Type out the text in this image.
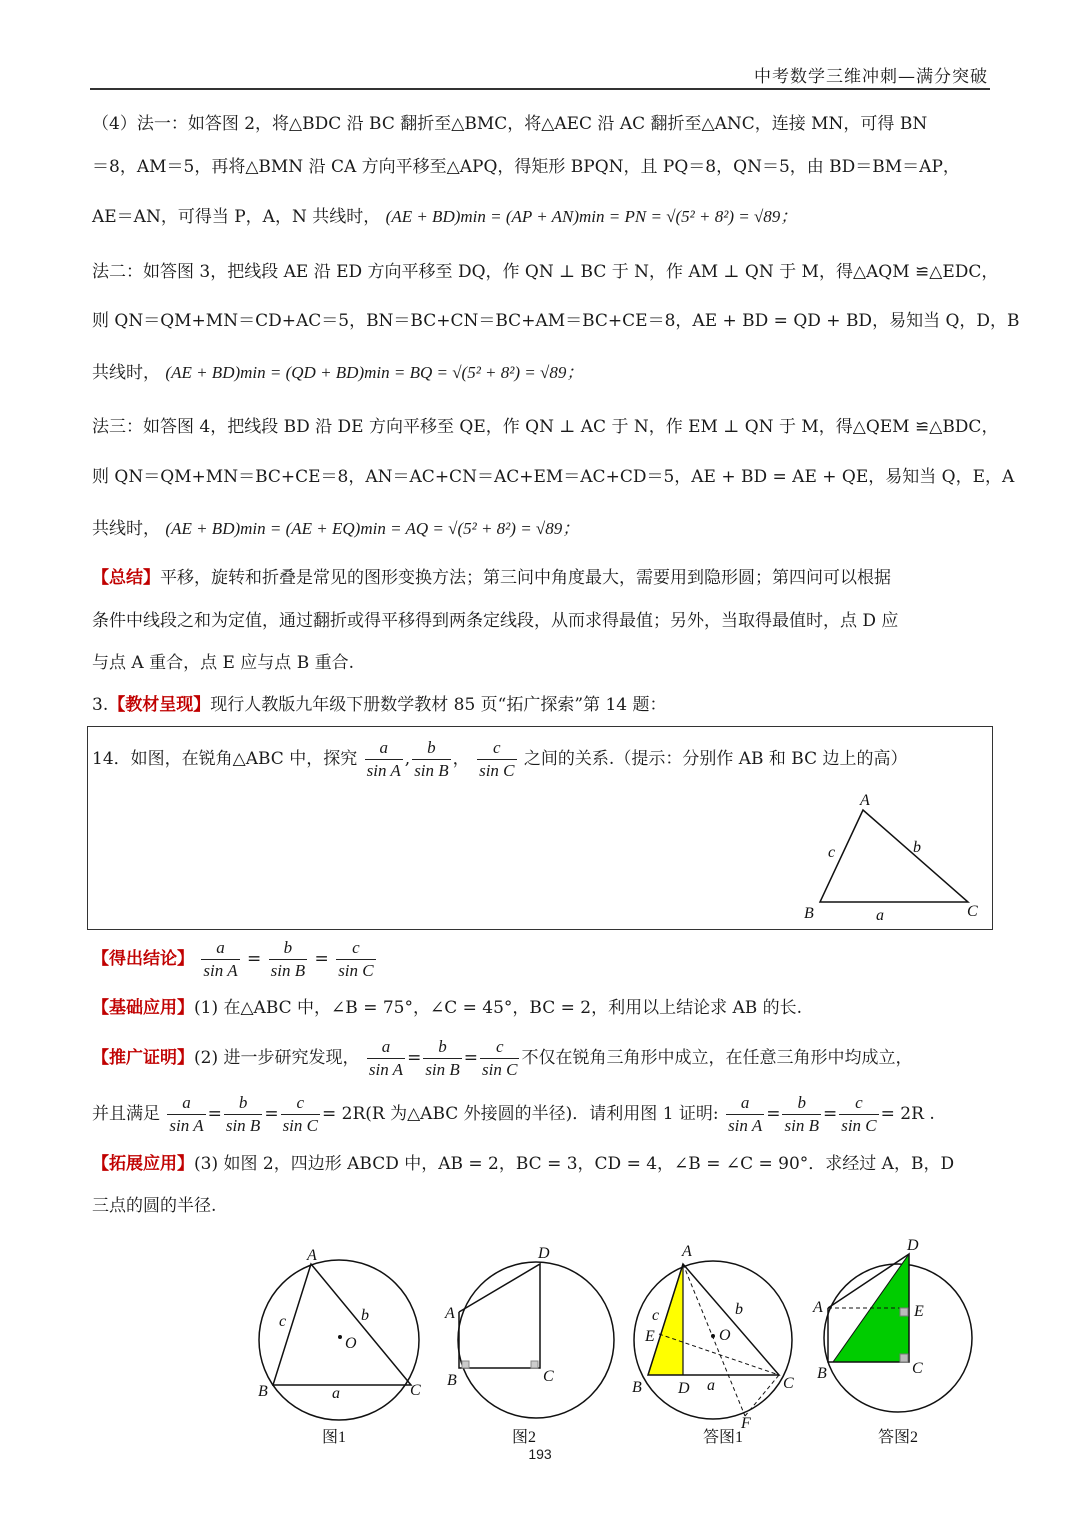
中考数学三维冲刺—满分突破
（4）法一：如答图 2，将△BDC 沿 BC 翻折至△BMC，将△AEC 沿 AC 翻折至△ANC，连接 MN，可得 BN
＝8，AM＝5，再将△BMN 沿 CA 方向平移至△APQ，得矩形 BPQN，且 PQ＝8，QN＝5，由 BD＝BM＝AP，
AE＝AN，可得当 P，A，N 共线时， (AE + BD)min = (AP + AN)min = PN = √(5² + 8²) = √89；
法二：如答图 3，把线段 AE 沿 ED 方向平移至 DQ，作 QN ⊥ BC 于 N，作 AM ⊥ QN 于 M，得△AQM ≌△EDC，
则 QN＝QM+MN＝CD+AC＝5，BN＝BC+CN＝BC+AM＝BC+CE＝8，AE + BD = QD + BD，易知当 Q，D，B
共线时， (AE + BD)min = (QD + BD)min = BQ = √(5² + 8²) = √89；
法三：如答图 4，把线段 BD 沿 DE 方向平移至 QE，作 QN ⊥ AC 于 N，作 EM ⊥ QN 于 M，得△QEM ≌△BDC，
则 QN＝QM+MN＝BC+CE＝8，AN＝AC+CN＝AC+EM＝AC+CD＝5，AE + BD = AE + QE，易知当 Q，E，A
共线时， (AE + BD)min = (AE + EQ)min = AQ = √(5² + 8²) = √89；
【总结】平移，旋转和折叠是常见的图形变换方法；第三问中角度最大，需要用到隐形圆；第四问可以根据
条件中线段之和为定值，通过翻折或得平移得到两条定线段，从而求得最值；另外，当取得最值时，点 D 应
与点 A 重合，点 E 应与点 B 重合.
3.【教材呈现】现行人教版九年级下册数学教材 85 页“拓广探索”第 14 题：
14．如图，在锐角△ABC 中，探究 $\frac{a}{\text{sin A}}$ , $\frac{b}{\text{sin B}}$ ， $\frac{c}{\text{sin C}}$ 之间的关系.（提示：分别作 AB 和 BC 边上的高）
A
B	C
a
b
c
【得出结论】 $\frac{a}{\text{sin A}} = \frac{b}{\text{sin B}} = \frac{c}{\text{sin C}}$
【基础应用】(1) 在△ABC 中，∠B = 75°，∠C = 45°，BC = 2，利用以上结论求 AB 的长.
【推广证明】(2) 进一步研究发现， $\frac{a}{\text{sin A}} = \frac{b}{\text{sin B}} = \frac{c}{\text{sin C}}$ 不仅在锐角三角形中成立，在任意三角形中均成立，
并且满足 $\frac{a}{\text{sin A}} = \frac{b}{\text{sin B}} = \frac{c}{\text{sin C}} = 2R(R$ 为△ABC 外接圆的半径)．请利用图 1 证明: $\frac{a}{\text{sin A}} = \frac{b}{\text{sin B}} = \frac{c}{\text{sin C}} = 2R$ .
【拓展应用】(3) 如图 2，四边形 ABCD 中，AB = 2，BC = 3，CD = 4，∠B = ∠C = 90°．求经过 A，B，D
三点的圆的半径.
A
B	C
O
a
b
c
图1
A
B	C
D
图2
A
B	C
D
E
F
O
a
b
c
答图1
A
B	C
D
E
答图2
193
